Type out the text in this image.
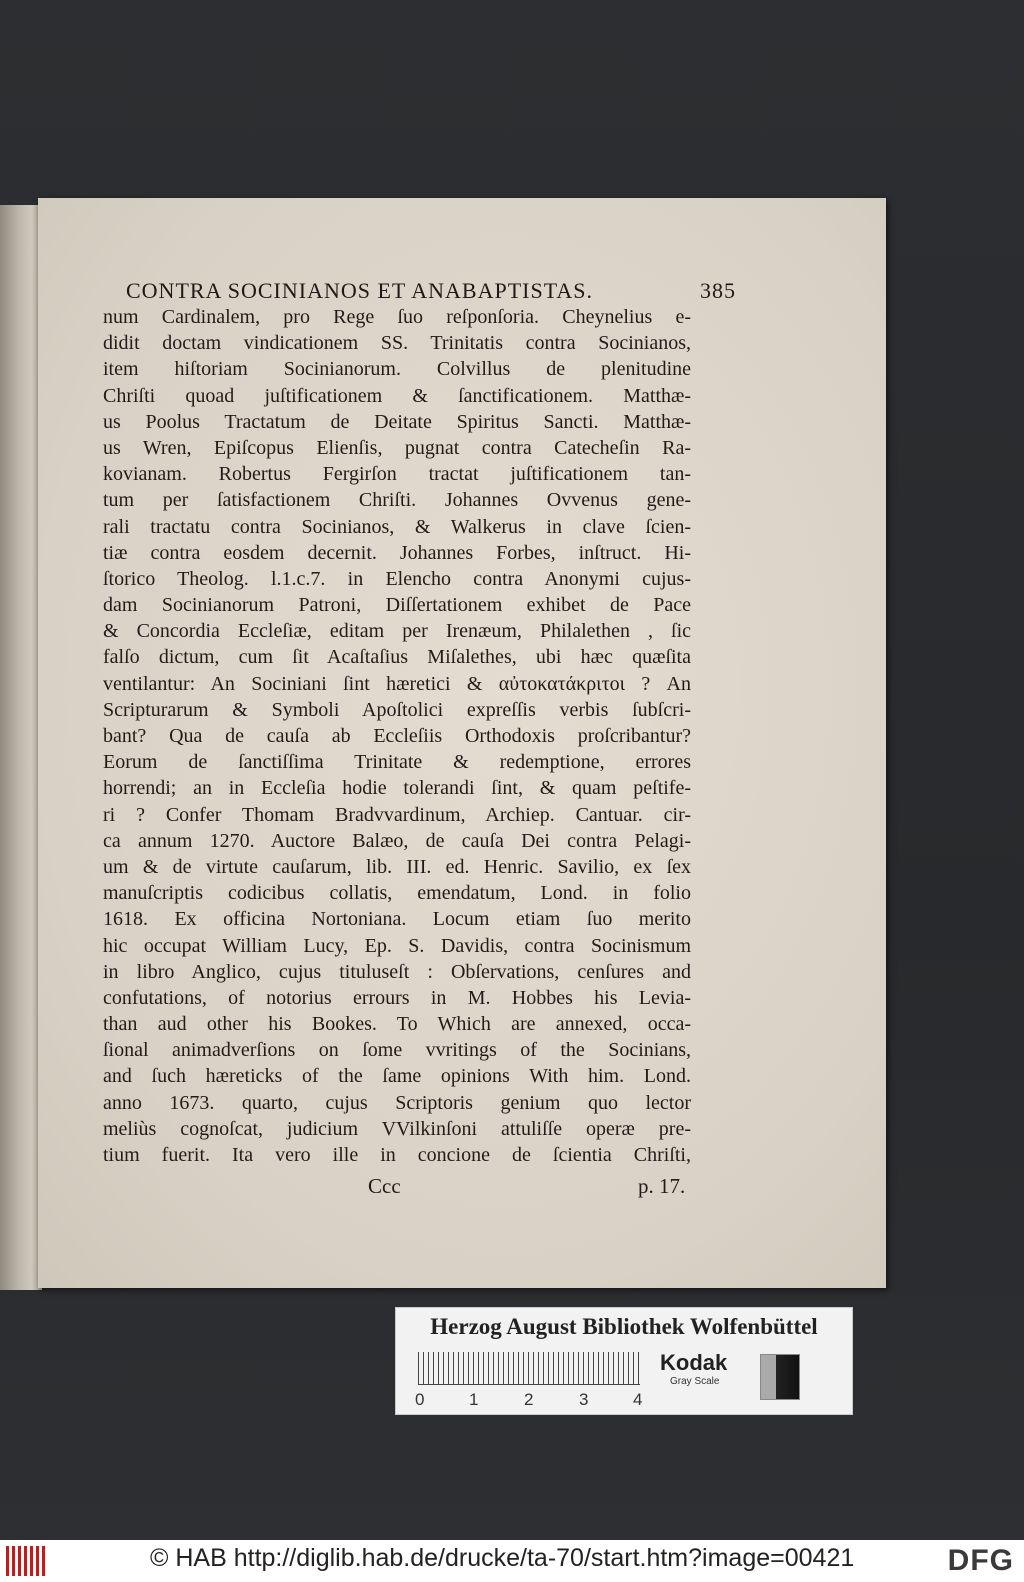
CONTRA SOCINIANOS ET ANABAPTISTAS.	385
num Cardinalem, pro Rege ſuo reſponſoria. Cheynelius e-
didit doctam vindicationem SS. Trinitatis contra Socinianos,
item hiſtoriam Socinianorum. Colvillus de plenitudine
Chriſti quoad juſtificationem & ſanctificationem. Matthæ-
us Poolus Tractatum de Deitate Spiritus Sancti. Matthæ-
us Wren, Epiſcopus Elienſis, pugnat contra Catecheſin Ra-
kovianam. Robertus Fergirſon tractat juſtificationem tan-
tum per ſatisfactionem Chriſti. Johannes Ovvenus gene-
rali tractatu contra Socinianos, & Walkerus in clave ſcien-
tiæ contra eosdem decernit. Johannes Forbes, inſtruct. Hi-
ſtorico Theolog. l.1.c.7. in Elencho contra Anonymi cujus-
dam Socinianorum Patroni, Diſſertationem exhibet de Pace
& Concordia Eccleſiæ, editam per Irenæum, Philalethen , ſic
falſo dictum, cum ſit Acaſtaſius Miſalethes, ubi hæc quæſita
ventilantur: An Sociniani ſint hæretici & αὐτοκατάκριτοι ? An
Scripturarum & Symboli Apoſtolici expreſſis verbis ſubſcri-
bant? Qua de cauſa ab Eccleſiis Orthodoxis proſcribantur?
Eorum de ſanctiſſima Trinitate & redemptione, errores
horrendi; an in Eccleſia hodie tolerandi ſint, & quam peſtife-
ri ? Confer Thomam Bradvvardinum, Archiep. Cantuar. cir-
ca annum 1270. Auctore Balæo, de cauſa Dei contra Pelagi-
um & de virtute cauſarum, lib. III. ed. Henric. Savilio, ex ſex
manuſcriptis codicibus collatis, emendatum, Lond. in folio
1618. Ex officina Nortoniana. Locum etiam ſuo merito
hic occupat William Lucy, Ep. S. Davidis, contra Socinismum
in libro Anglico, cujus tituluseſt : Obſervations, cenſures and
confutations, of notorius errours in M. Hobbes his Levia-
than aud other his Bookes. To Which are annexed, occa-
ſional animadverſions on ſome vvritings of the Socinians,
and ſuch hæreticks of the ſame opinions With him. Lond.
anno 1673. quarto, cujus Scriptoris genium quo lector
meliùs cognoſcat, judicium VVilkinſoni attuliſſe operæ pre-
tium fuerit. Ita vero ille in concione de ſcientia Chriſti,
Ccc	p. 17.
Herzog August Bibliothek Wolfenbüttel
0	1	2	3	4
Kodak
Gray Scale
© HAB http://diglib.hab.de/drucke/ta-70/start.htm?image=00421	DFG
